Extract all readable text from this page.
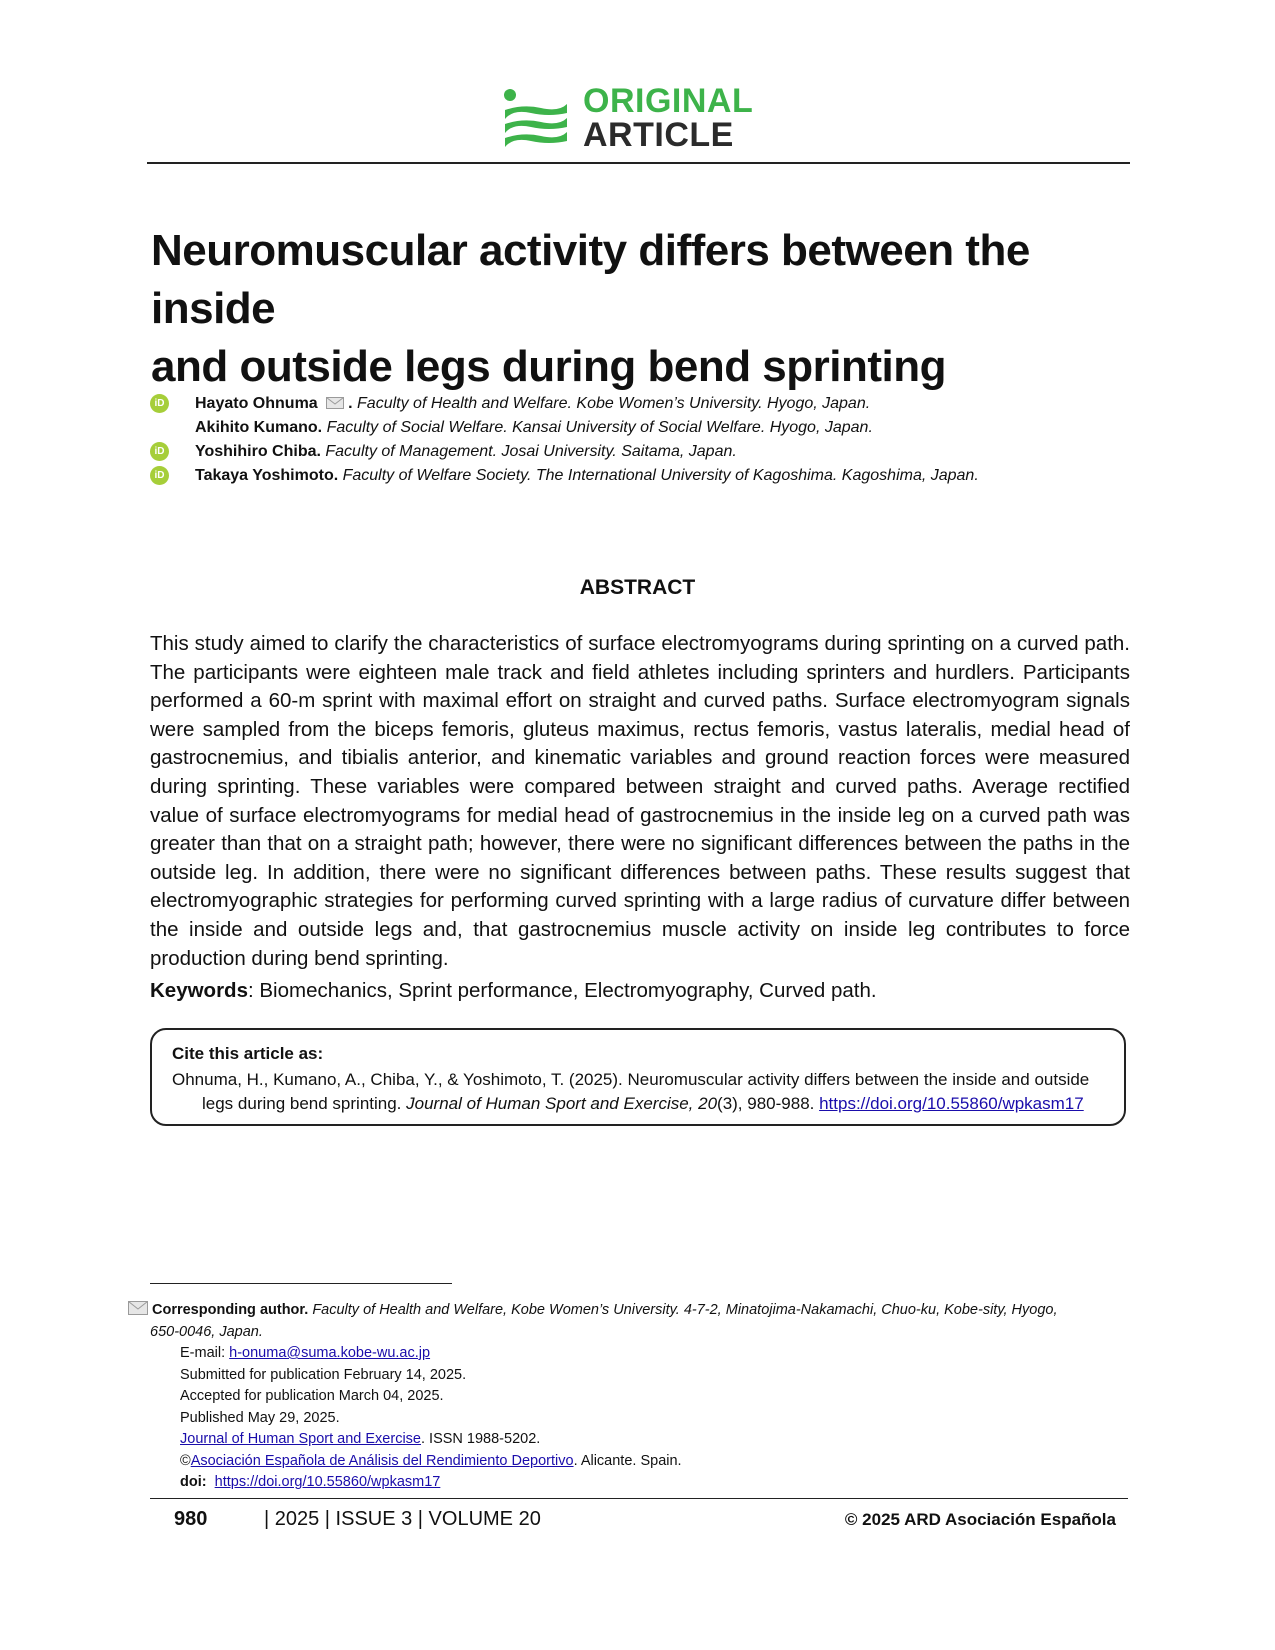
ORIGINAL
ARTICLE
Neuromuscular activity differs between the inside
and outside legs during bend sprinting
iD Hayato Ohnuma . Faculty of Health and Welfare. Kobe Women’s University. Hyogo, Japan.
Akihito Kumano. Faculty of Social Welfare. Kansai University of Social Welfare. Hyogo, Japan.
iD Yoshihiro Chiba. Faculty of Management. Josai University. Saitama, Japan.
iD Takaya Yoshimoto. Faculty of Welfare Society. The International University of Kagoshima. Kagoshima, Japan.
ABSTRACT
This study aimed to clarify the characteristics of surface electromyograms during sprinting on a curved path. The participants were eighteen male track and field athletes including sprinters and hurdlers. Participants performed a 60-m sprint with maximal effort on straight and curved paths. Surface electromyogram signals were sampled from the biceps femoris, gluteus maximus, rectus femoris, vastus lateralis, medial head of gastrocnemius, and tibialis anterior, and kinematic variables and ground reaction forces were measured during sprinting. These variables were compared between straight and curved paths. Average rectified value of surface electromyograms for medial head of gastrocnemius in the inside leg on a curved path was greater than that on a straight path; however, there were no significant differences between the paths in the outside leg. In addition, there were no significant differences between paths. These results suggest that electromyographic strategies for performing curved sprinting with a large radius of curvature differ between the inside and outside legs and, that gastrocnemius muscle activity on inside leg contributes to force production during bend sprinting.
Keywords: Biomechanics, Sprint performance, Electromyography, Curved path.
Cite this article as:
Ohnuma, H., Kumano, A., Chiba, Y., & Yoshimoto, T. (2025). Neuromuscular activity differs between the inside and outside
legs during bend sprinting. Journal of Human Sport and Exercise, 20(3), 980-988. https://doi.org/10.55860/wpkasm17
Corresponding author. Faculty of Health and Welfare, Kobe Women’s University. 4-7-2, Minatojima-Nakamachi, Chuo-ku, Kobe-sity, Hyogo,
650-0046, Japan.
E-mail: h-onuma@suma.kobe-wu.ac.jp
Submitted for publication February 14, 2025.
Accepted for publication March 04, 2025.
Published May 29, 2025.
Journal of Human Sport and Exercise. ISSN 1988-5202.
©Asociación Española de Análisis del Rendimiento Deportivo. Alicante. Spain.
doi: https://doi.org/10.55860/wpkasm17
980	| 2025 | ISSUE 3 | VOLUME 20	© 2025 ARD Asociación Española
